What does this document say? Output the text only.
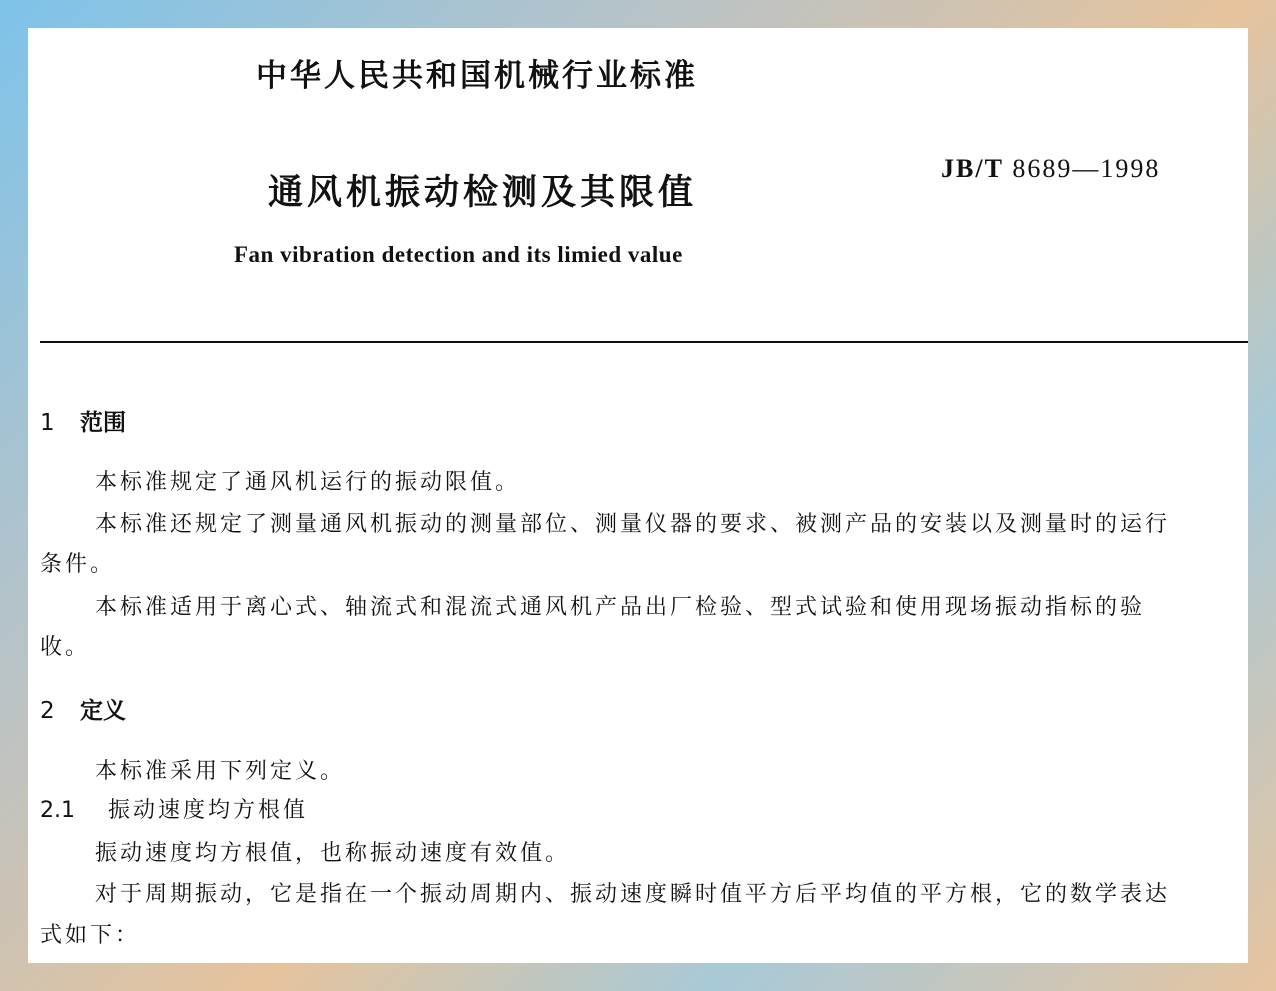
中华人民共和国机械行业标准
通风机振动检测及其限值
JB/T 8689—1998
Fan vibration detection and its limied value
1 范围
本标准规定了通风机运行的振动限值。
本标准还规定了测量通风机振动的测量部位、测量仪器的要求、被测产品的安装以及测量时的运行
条件。
本标准适用于离心式、轴流式和混流式通风机产品出厂检验、型式试验和使用现场振动指标的验
收。
2 定义
本标准采用下列定义。
2.1 振动速度均方根值
振动速度均方根值，也称振动速度有效值。
对于周期振动，它是指在一个振动周期内、振动速度瞬时值平方后平均值的平方根，它的数学表达
式如下：
